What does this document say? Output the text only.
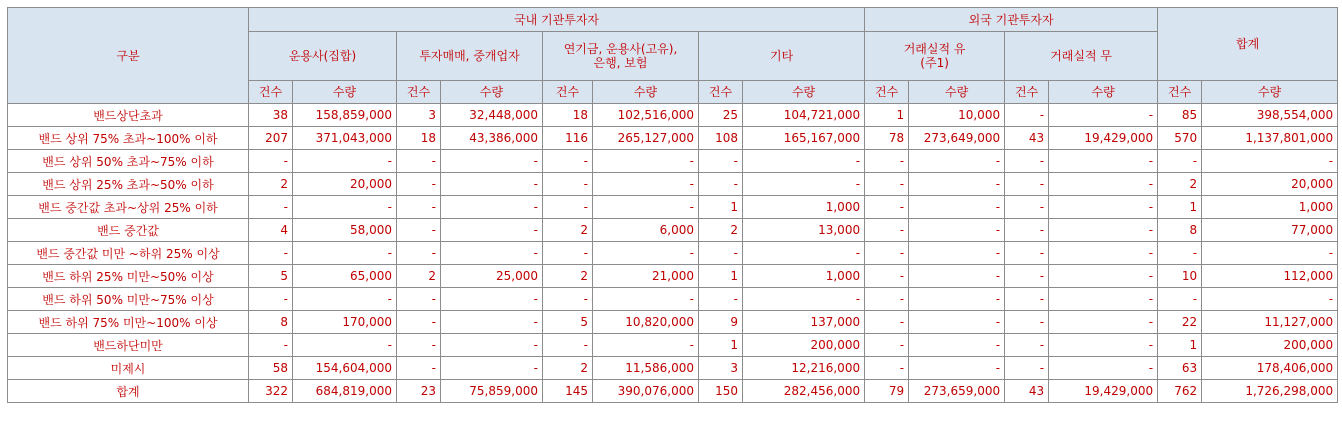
구분	국내 기관투자자								외국 기관투자자				합계	
	운용사(집합)		투자매매, 중개업자		연기금, 운용사(고유),
은행, 보험		기타		거래실적 유
(주1)		거래실적 무			
	건수	수량	건수	수량	건수	수량	건수	수량	건수	수량	건수	수량	건수	수량
밴드상단초과	38	158,859,000	3	32,448,000	18	102,516,000	25	104,721,000	1	10,000	-	-	85	398,554,000
밴드 상위 75% 초과~100% 이하	207	371,043,000	18	43,386,000	116	265,127,000	108	165,167,000	78	273,649,000	43	19,429,000	570	1,137,801,000
밴드 상위 50% 초과~75% 이하	-	-	-	-	-	-	-	-	-	-	-	-	-	-
밴드 상위 25% 초과~50% 이하	2	20,000	-	-	-	-	-	-	-	-	-	-	2	20,000
밴드 중간값 초과~상위 25% 이하	-	-	-	-	-	-	1	1,000	-	-	-	-	1	1,000
밴드 중간값	4	58,000	-	-	2	6,000	2	13,000	-	-	-	-	8	77,000
밴드 중간값 미만 ~하위 25% 이상	-	-	-	-	-	-	-	-	-	-	-	-	-	-
밴드 하위 25% 미만~50% 이상	5	65,000	2	25,000	2	21,000	1	1,000	-	-	-	-	10	112,000
밴드 하위 50% 미만~75% 이상	-	-	-	-	-	-	-	-	-	-	-	-	-	-
밴드 하위 75% 미만~100% 이상	8	170,000	-	-	5	10,820,000	9	137,000	-	-	-	-	22	11,127,000
밴드하단미만	-	-	-	-	-	-	1	200,000	-	-	-	-	1	200,000
미제시	58	154,604,000	-	-	2	11,586,000	3	12,216,000	-	-	-	-	63	178,406,000
합계	322	684,819,000	23	75,859,000	145	390,076,000	150	282,456,000	79	273,659,000	43	19,429,000	762	1,726,298,000
